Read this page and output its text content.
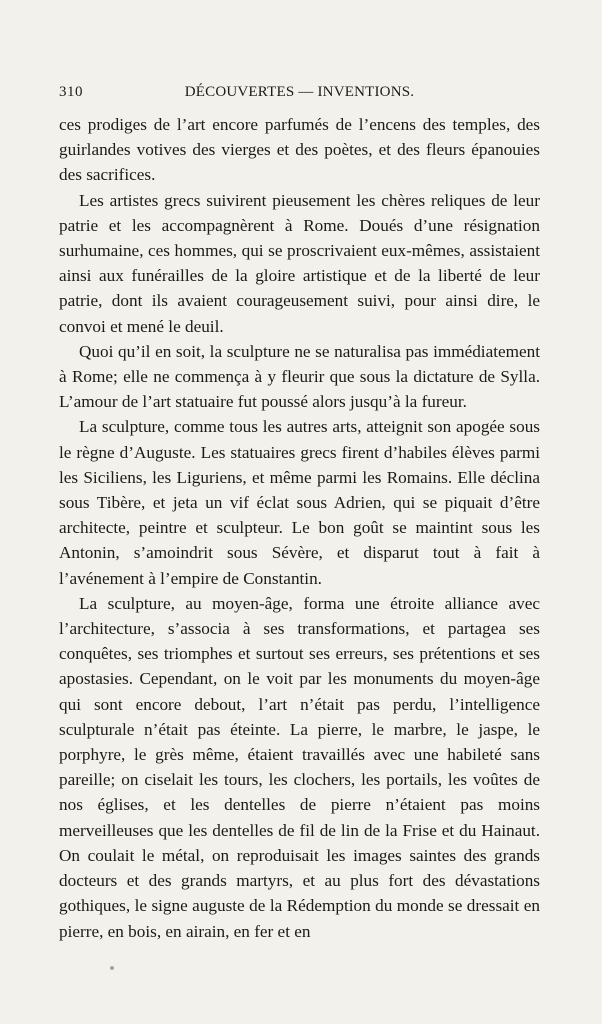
310	DÉCOUVERTES — INVENTIONS.

ces prodiges de l’art encore parfumés de l’encens des temples, des guirlandes votives des vierges et des poètes, et des fleurs épanouies des sacrifices.

Les artistes grecs suivirent pieusement les chères reliques de leur patrie et les accompagnèrent à Rome. Doués d’une résignation surhumaine, ces hommes, qui se proscrivaient eux-mêmes, assistaient ainsi aux funérailles de la gloire artistique et de la liberté de leur patrie, dont ils avaient courageusement suivi, pour ainsi dire, le convoi et mené le deuil.

Quoi qu’il en soit, la sculpture ne se naturalisa pas immédiatement à Rome; elle ne commença à y fleurir que sous la dictature de Sylla. L’amour de l’art statuaire fut poussé alors jusqu’à la fureur.

La sculpture, comme tous les autres arts, atteignit son apogée sous le règne d’Auguste. Les statuaires grecs firent d’habiles élèves parmi les Siciliens, les Liguriens, et même parmi les Romains. Elle déclina sous Tibère, et jeta un vif éclat sous Adrien, qui se piquait d’être architecte, peintre et sculpteur. Le bon goût se maintint sous les Antonin, s’amoindrit sous Sévère, et disparut tout à fait à l’avénement à l’empire de Constantin.

La sculpture, au moyen-âge, forma une étroite alliance avec l’architecture, s’associa à ses transformations, et partagea ses conquêtes, ses triomphes et surtout ses erreurs, ses prétentions et ses apostasies. Cependant, on le voit par les monuments du moyen-âge qui sont encore debout, l’art n’était pas perdu, l’intelligence sculpturale n’était pas éteinte. La pierre, le marbre, le jaspe, le porphyre, le grès même, étaient travaillés avec une habileté sans pareille; on ciselait les tours, les clochers, les portails, les voûtes de nos églises, et les dentelles de pierre n’étaient pas moins merveilleuses que les dentelles de fil de lin de la Frise et du Hainaut. On coulait le métal, on reproduisait les images saintes des grands docteurs et des grands martyrs, et au plus fort des dévastations gothiques, le signe auguste de la Rédemption du monde se dressait en pierre, en bois, en airain, en fer et en
